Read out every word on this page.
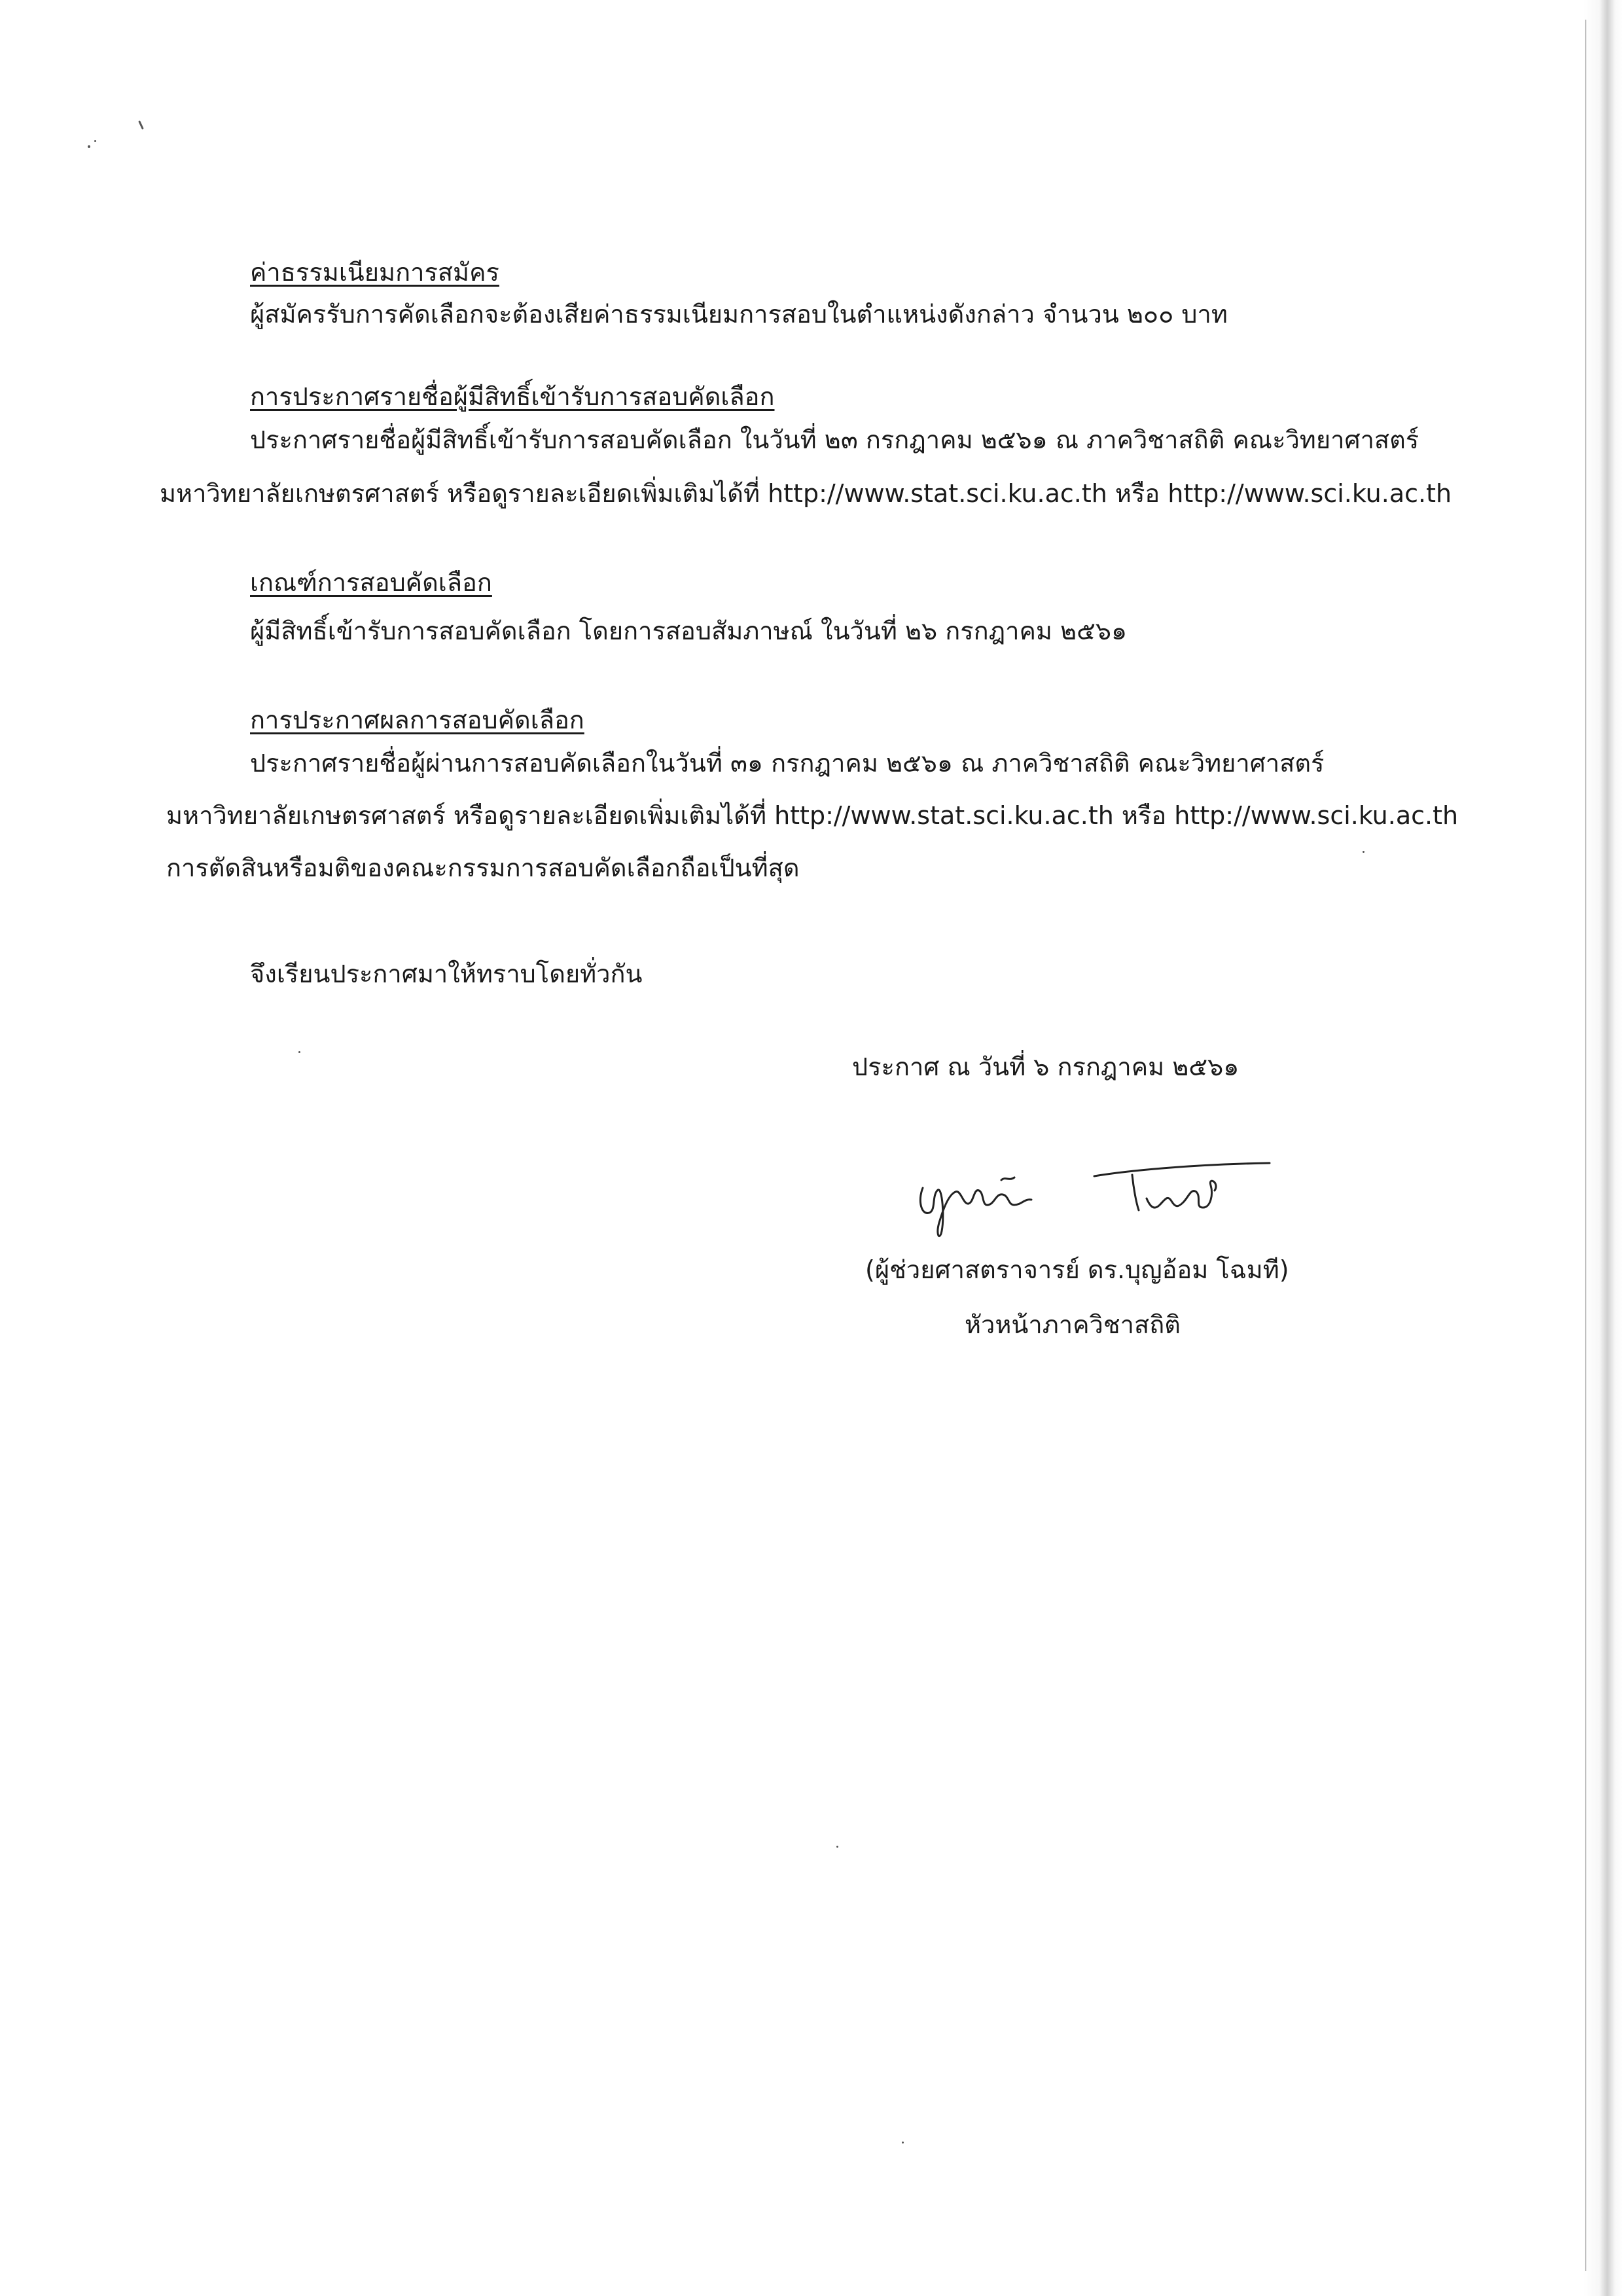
ค่าธรรมเนียมการสมัคร
ผู้สมัครรับการคัดเลือกจะต้องเสียค่าธรรมเนียมการสอบในตำแหน่งดังกล่าว จำนวน ๒๐๐ บาท
การประกาศรายชื่อผู้มีสิทธิ์เข้ารับการสอบคัดเลือก
ประกาศรายชื่อผู้มีสิทธิ์เข้ารับการสอบคัดเลือก ในวันที่ ๒๓ กรกฎาคม ๒๕๖๑ ณ ภาควิชาสถิติ คณะวิทยาศาสตร์
มหาวิทยาลัยเกษตรศาสตร์ หรือดูรายละเอียดเพิ่มเติมได้ที่ http://www.stat.sci.ku.ac.th หรือ http://www.sci.ku.ac.th
เกณฑ์การสอบคัดเลือก
ผู้มีสิทธิ์เข้ารับการสอบคัดเลือก โดยการสอบสัมภาษณ์ ในวันที่ ๒๖ กรกฎาคม ๒๕๖๑
การประกาศผลการสอบคัดเลือก
ประกาศรายชื่อผู้ผ่านการสอบคัดเลือกในวันที่ ๓๑ กรกฎาคม ๒๕๖๑ ณ ภาควิชาสถิติ คณะวิทยาศาสตร์
มหาวิทยาลัยเกษตรศาสตร์ หรือดูรายละเอียดเพิ่มเติมได้ที่ http://www.stat.sci.ku.ac.th หรือ http://www.sci.ku.ac.th
การตัดสินหรือมติของคณะกรรมการสอบคัดเลือกถือเป็นที่สุด
จึงเรียนประกาศมาให้ทราบโดยทั่วกัน
ประกาศ ณ วันที่ ๖ กรกฎาคม ๒๕๖๑
(ผู้ช่วยศาสตราจารย์ ดร.บุญอ้อม โฉมที)
หัวหน้าภาควิชาสถิติ
